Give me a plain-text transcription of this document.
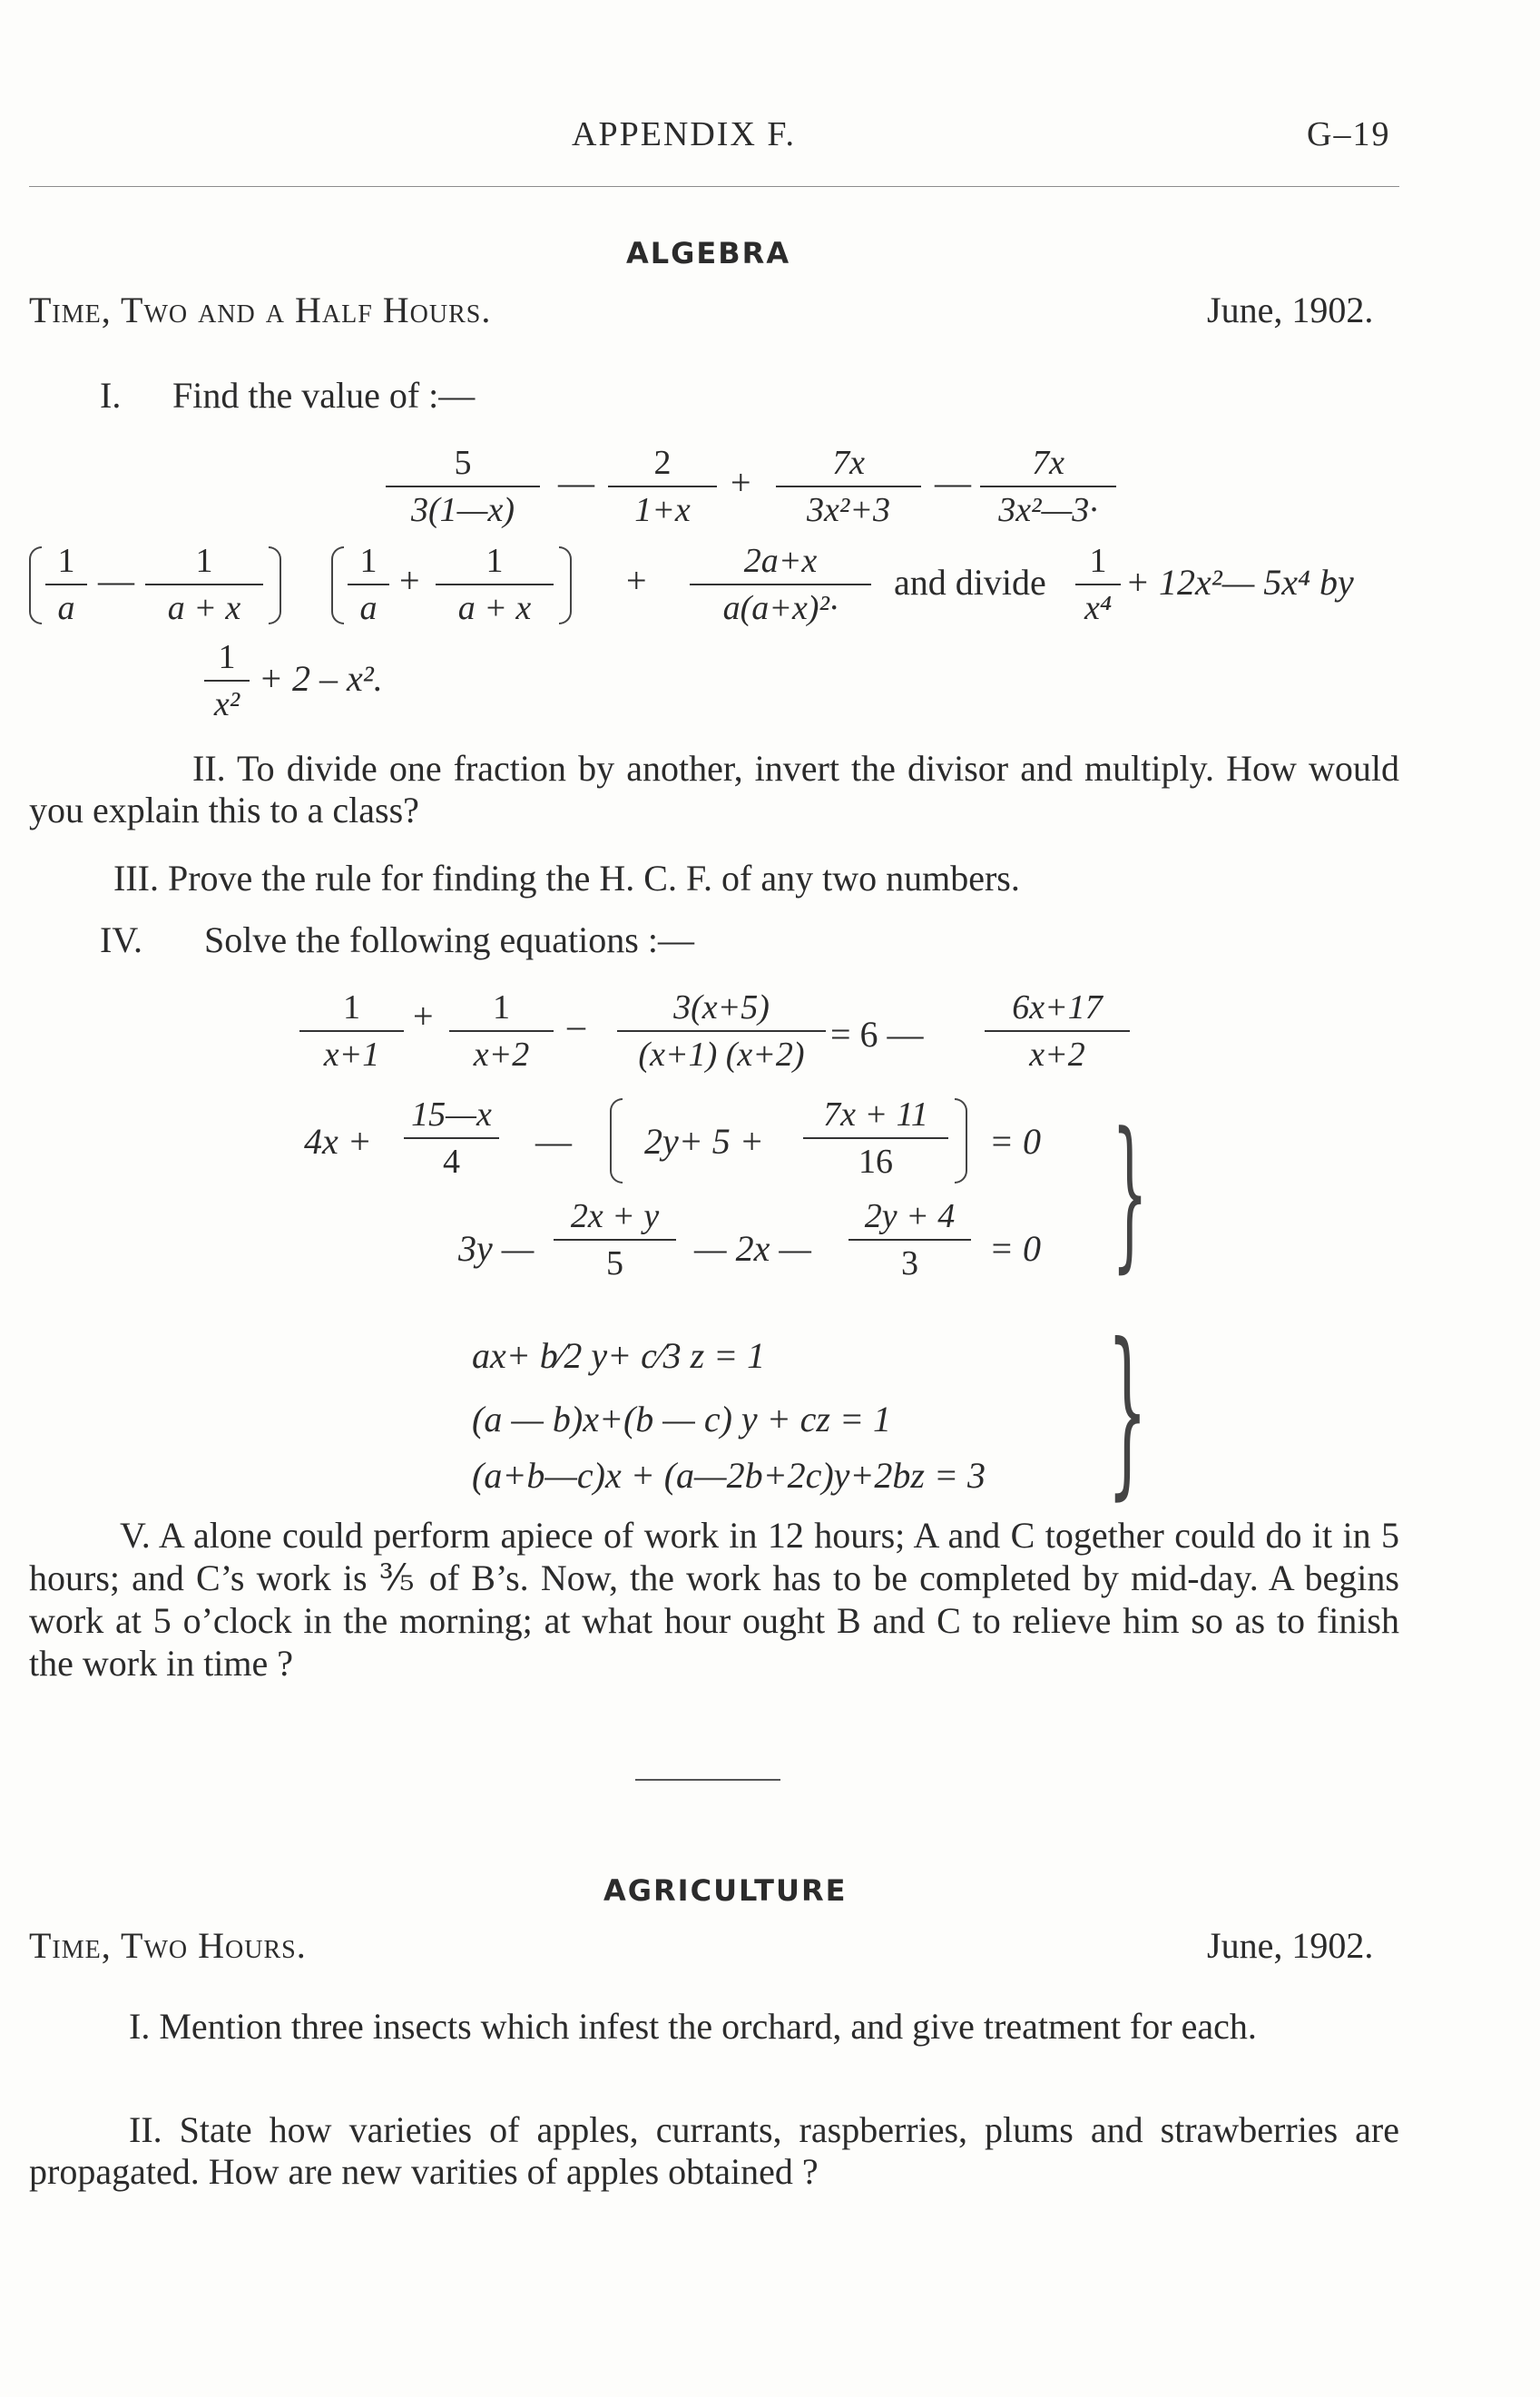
APPENDIX F.	G–19
ALGEBRA
Time, Two and a Half Hours.	June, 1902.
I. Find the value of :—
$\frac{5}{3(1—x)}$ — $\frac{2}{1+x} + \frac{7x}{\text{3x²+3}}$ — $\frac{7x}{\text{3x²—3·}}$
$\frac{1}{a}$ — $\frac{1}{a + x} \frac{1}{a} + \frac{1}{a + x} + \frac{2a+x}{\text{a(a+x)²·}}$ and divide $\frac{1}{\text{x⁴}}$ + 12x²— 5x⁴ by
$\frac{1}{\text{x²}} + 2 - x^2$.
II. To divide one fraction by another, invert the divisor and multiply. How would you explain this to a class?
III. Prove the rule for finding the H. C. F. of any two numbers.
IV. Solve the following equations :—
$\frac{1}{x+1} + \frac{1}{x+2} - \frac{3(x+5)}{(x+1) (x+2)} = 6$ — $\frac{6x+17}{x+2}$
$4x + \frac{15—x}{4}$ — $2y+ 5 + \frac{7x + 11}{16} = 0$
3y — $\frac{2x + y}{5}$ — 2x — $\frac{2y + 4}{3} = 0$ }
ax+ b⁄2 y+ c⁄3 z = 1
(a — b)x+(b — c) y + cz = 1
(a+b—c)x + (a—2b+2c)y+2bz = 3 }
V. A alone could perform apiece of work in 12 hours; A and C together could do it in 5 hours; and C’s work is ⅗ of B’s. Now, the work has to be completed by mid-day. A begins work at 5 o’clock in the morning; at what hour ought B and C to relieve him so as to finish the work in time ?
AGRICULTURE
Time, Two Hours.	June, 1902.
I. Mention three insects which infest the orchard, and give treatment for each.
II. State how varieties of apples, currants, raspberries, plums and strawberries are propagated. How are new varities of apples obtained ?
